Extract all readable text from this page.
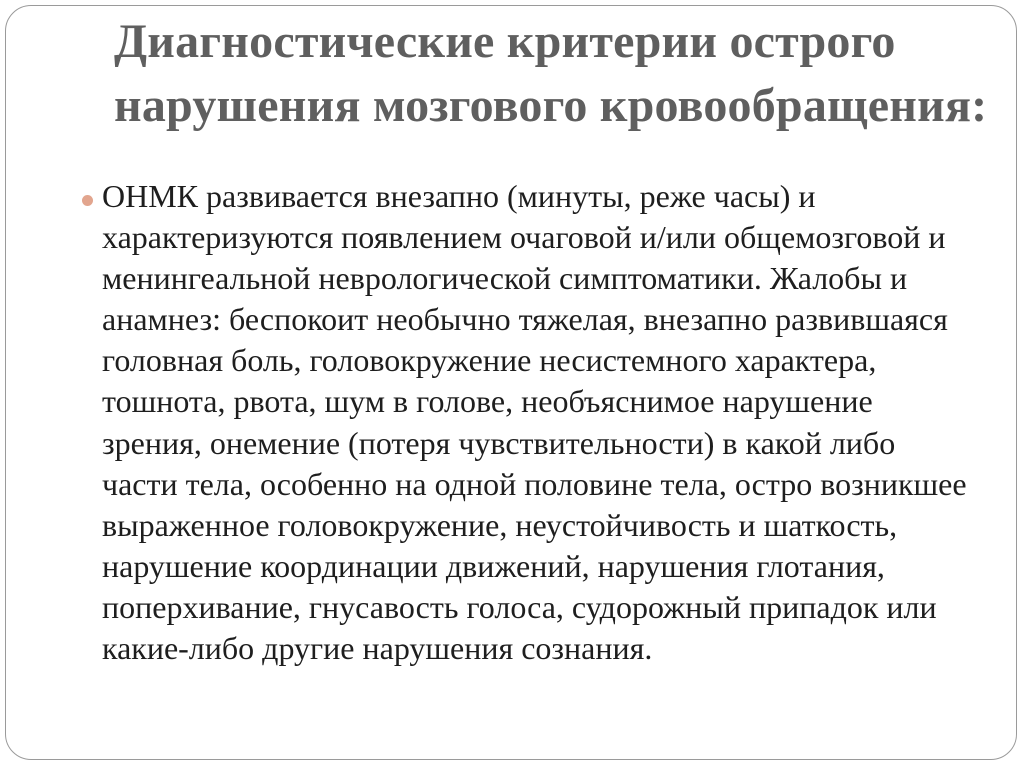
Диагностические критерии острого нарушения мозгового кровообращения:

ОНМК развивается внезапно (минуты, реже часы) и характеризуются появлением очаговой и/или общемозговой и менингеальной неврологической симптоматики. Жалобы и анамнез: беспокоит необычно тяжелая, внезапно развившаяся головная боль, головокружение несистемного характера, тошнота, рвота, шум в голове, необъяснимое нарушение зрения, онемение (потеря чувствительности) в какой либо части тела, особенно на одной половине тела, остро возникшее выраженное головокружение, неустойчивость и шаткость, нарушение координации движений, нарушения глотания, поперхивание, гнусавость голоса, судорожный припадок или какие-либо другие нарушения сознания.
